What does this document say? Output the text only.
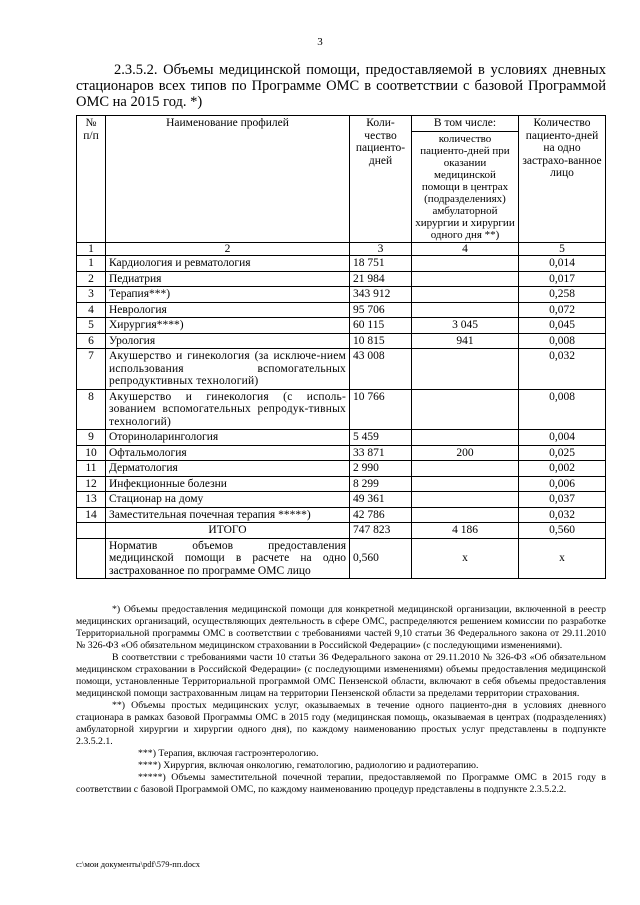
3
2.3.5.2. Объемы медицинской помощи, предоставляемой в условиях дневных стационаров всех типов по Программе ОМС в соответствии с базовой Программой ОМС на 2015 год. *)
№ п/п	Наименование профилей	Коли-чество пациенто-дней	В том числе:	Количество пациенто-дней на одно застрахо-ванное лицо
			количество пациенто-дней при оказании медицинской помощи в центрах (подразделениях) амбулаторной хирургии и хирургии одного дня **)	
1	2	3	4	5
1	Кардиология и ревматология	18 751		0,014
2	Педиатрия	21 984		0,017
3	Терапия***)	343 912		0,258
4	Неврология	95 706		0,072
5	Хирургия****)	60 115	3 045	0,045
6	Урология	10 815	941	0,008
7	Акушерство и гинекология (за исключе-нием использования вспомогательных репродуктивных технологий)	43 008		0,032
8	Акушерство и гинекология (с исполь-зованием вспомогательных репродук-тивных технологий)	10 766		0,008
9	Оториноларингология	5 459		0,004
10	Офтальмология	33 871	200	0,025
11	Дерматология	2 990		0,002
12	Инфекционные болезни	8 299		0,006
13	Стационар на дому	49 361		0,037
14	Заместительная почечная терапия *****)	42 786		0,032
	ИТОГО	747 823	4 186	0,560
	Норматив объемов предоставления медицинской помощи в расчете на одно застрахованное по программе ОМС лицо	0,560	x	x

*) Объемы предоставления медицинской помощи для конкретной медицинской организации, включенной в реестр медицинских организаций, осуществляющих деятельность в сфере ОМС, распределяются решением комиссии по разработке Территориальной программы ОМС в соответствии с требованиями частей 9,10 статьи 36 Федерального закона от 29.11.2010 № 326-ФЗ «Об обязательном медицинском страховании в Российской Федерации» (с последующими изменениями).

В соответствии с требованиями части 10 статьи 36 Федерального закона от 29.11.2010 № 326-ФЗ «Об обязательном медицинском страховании в Российской Федерации» (с последующими изменениями) объемы предоставления медицинской помощи, установленные Территориальной программой ОМС Пензенской области, включают в себя объемы предоставления медицинской помощи застрахованным лицам на территории Пензенской области за пределами территории страхования.

**) Объемы простых медицинских услуг, оказываемых в течение одного пациенто-дня в условиях дневного стационара в рамках базовой Программы ОМС в 2015 году (медицинская помощь, оказываемая в центрах (подразделениях) амбулаторной хирургии и хирургии одного дня), по каждому наименованию простых услуг представлены в подпункте 2.3.5.2.1.

***) Терапия, включая гастроэнтерологию.

****) Хирургия, включая онкологию, гематологию, радиологию и радиотерапию.

*****) Объемы заместительной почечной терапии, предоставляемой по Программе ОМС в 2015 году в соответствии с базовой Программой ОМС, по каждому наименованию процедур представлены в подпункте 2.3.5.2.2.

c:\мои документы\pdf\579-пп.docx
